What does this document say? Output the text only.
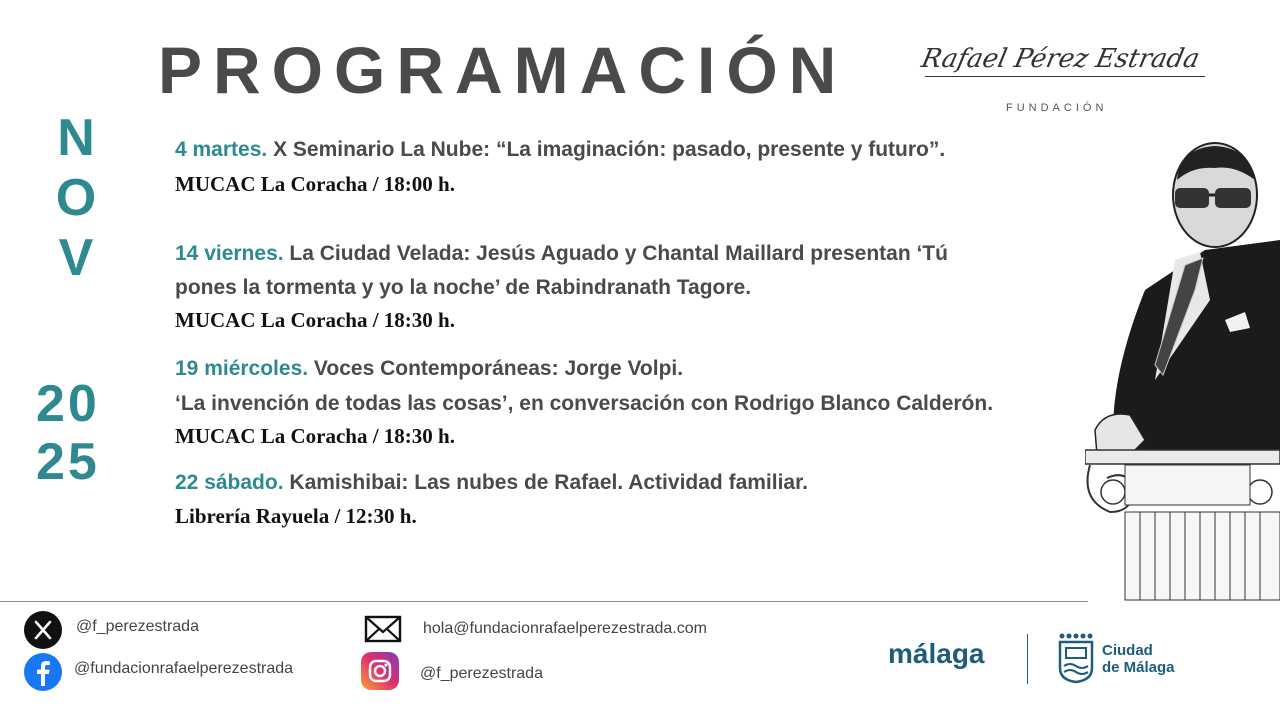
PROGRAMACIÓN	Rafael Pérez Estrada
FUNDACIÓN
N
O
V
20
25
4 martes. X Seminario La Nube: “La imaginación: pasado, presente y futuro”.
MUCAC La Coracha / 18:00 h.
14 viernes. La Ciudad Velada: Jesús Aguado y Chantal Maillard presentan ‘Tú
pones la tormenta y yo la noche’ de Rabindranath Tagore.
MUCAC La Coracha / 18:30 h.
19 miércoles. Voces Contemporáneas: Jorge Volpi.
‘La invención de todas las cosas’, en conversación con Rodrigo Blanco Calderón.
MUCAC La Coracha / 18:30 h.
22 sábado. Kamishibai: Las nubes de Rafael. Actividad familiar.
Librería Rayuela / 12:30 h.
@f_perezestrada
@fundacionrafaelperezestrada
hola@fundacionrafaelperezestrada.com
@f_perezestrada
málaga	Ciudad
de Málaga
